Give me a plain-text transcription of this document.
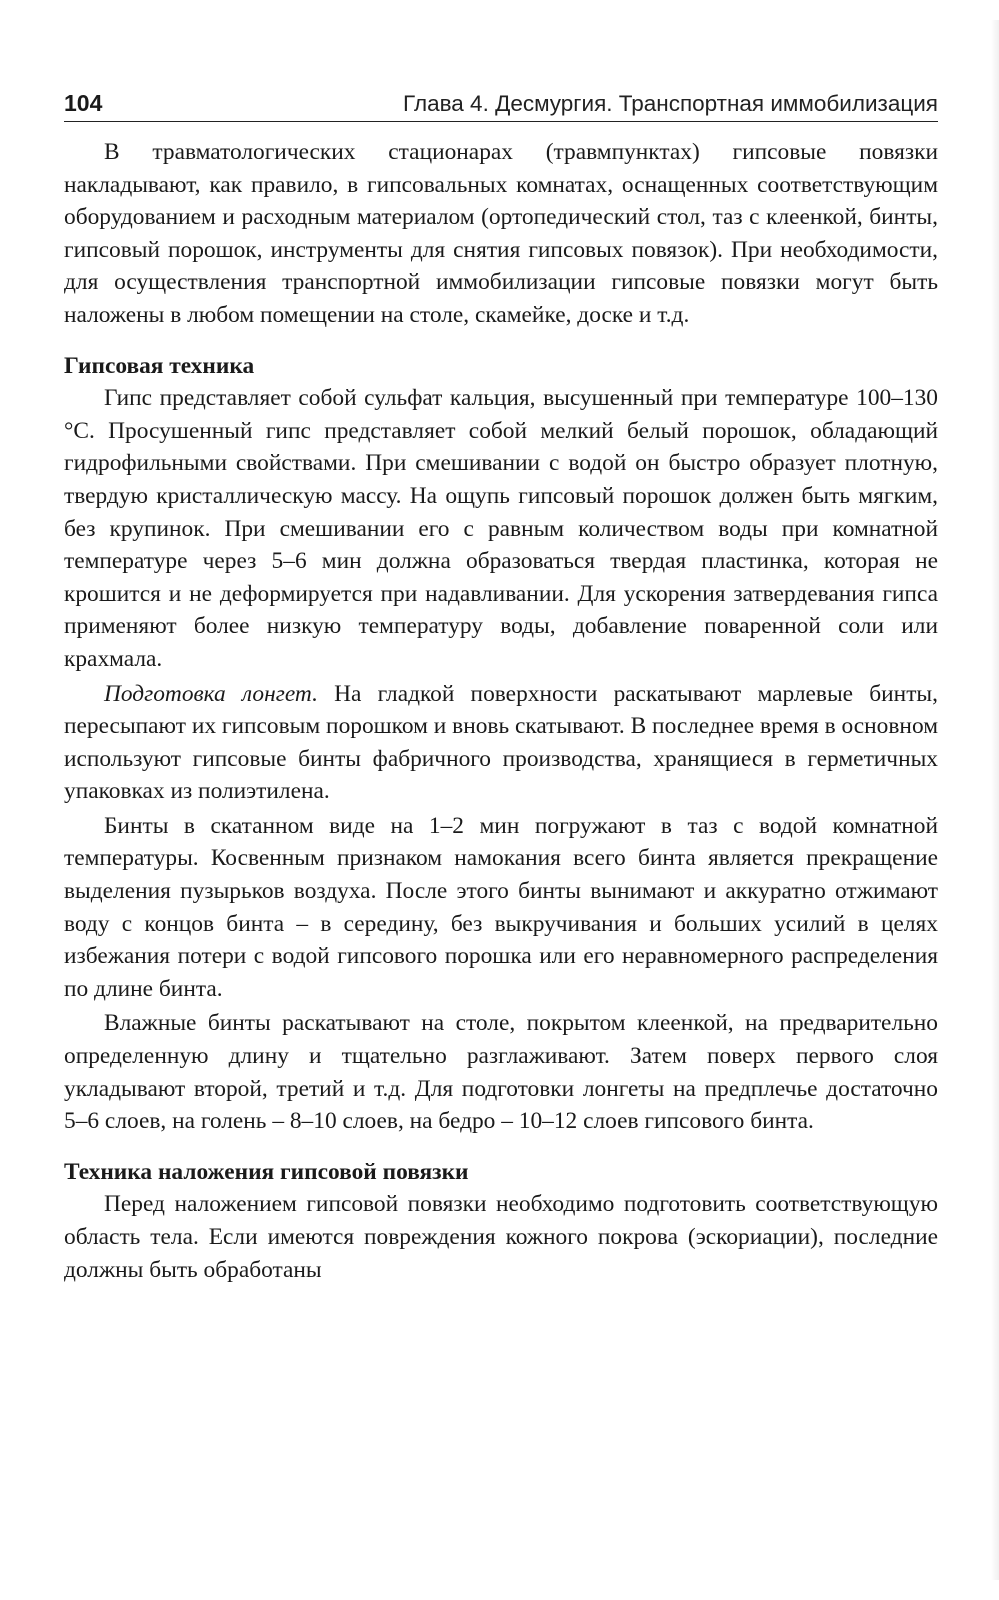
104	Глава 4. Десмургия. Транспортная иммобилизация

В травматологических стационарах (травмпунктах) гипсовые повязки накладывают, как правило, в гипсовальных комнатах, оснащенных соответствующим оборудованием и расходным материалом (ортопедический стол, таз с клеенкой, бинты, гипсовый порошок, инструменты для снятия гипсовых повязок). При необходимости, для осуществления транспортной иммобилизации гипсовые повязки могут быть наложены в любом помещении на столе, скамейке, доске и т.д.

Гипсовая техника

Гипс представляет собой сульфат кальция, высушенный при температуре 100–130 °С. Просушенный гипс представляет собой мелкий белый порошок, обладающий гидрофильными свойствами. При смешивании с водой он быстро образует плотную, твердую кристаллическую массу. На ощупь гипсовый порошок должен быть мягким, без крупинок. При смешивании его с равным количеством воды при комнатной температуре через 5–6 мин должна образоваться твердая пластинка, которая не крошится и не деформируется при надавливании. Для ускорения затвердевания гипса применяют более низкую температуру воды, добавление поваренной соли или крахмала.

Подготовка лонгет. На гладкой поверхности раскатывают марлевые бинты, пересыпают их гипсовым порошком и вновь скатывают. В последнее время в основном используют гипсовые бинты фабричного производства, хранящиеся в герметичных упаковках из полиэтилена.

Бинты в скатанном виде на 1–2 мин погружают в таз с водой комнатной температуры. Косвенным признаком намокания всего бинта является прекращение выделения пузырьков воздуха. После этого бинты вынимают и аккуратно отжимают воду с концов бинта – в середину, без выкручивания и больших усилий в целях избежания потери с водой гипсового порошка или его неравномерного распределения по длине бинта.

Влажные бинты раскатывают на столе, покрытом клеенкой, на предварительно определенную длину и тщательно разглаживают. Затем поверх первого слоя укладывают второй, третий и т.д. Для подготовки лонгеты на предплечье достаточно 5–6 слоев, на голень – 8–10 слоев, на бедро – 10–12 слоев гипсового бинта.

Техника наложения гипсовой повязки

Перед наложением гипсовой повязки необходимо подготовить соответствующую область тела. Если имеются повреждения кожного покрова (эскориации), последние должны быть обработаны
